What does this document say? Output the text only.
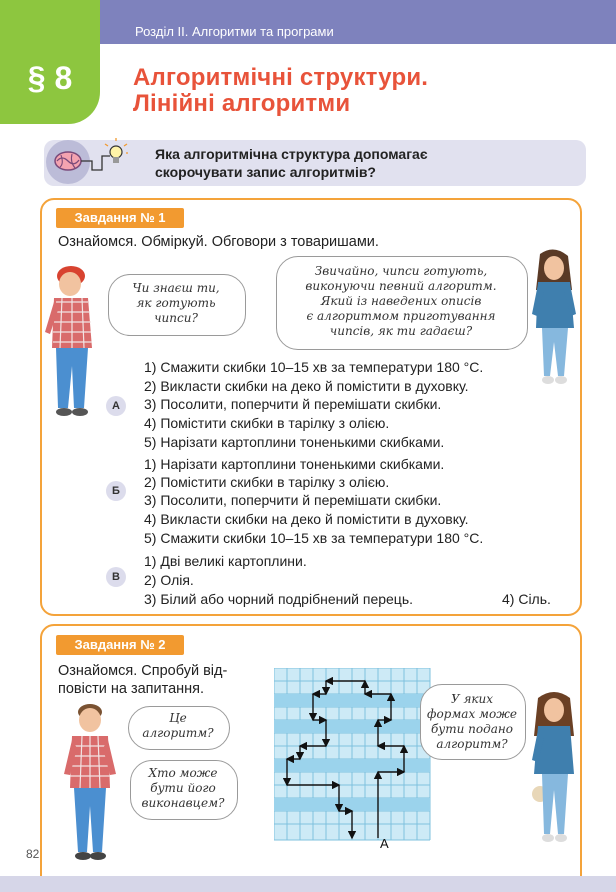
Розділ ІІ. Алгоритми та програми
§ 8	Алгоритмічні структури.
Лінійні алгоритми
Яка алгоритмічна структура допомагає
скорочувати запис алгоритмів?
Завдання № 1
Ознайомся. Обміркуй. Обговори з товаришами.
Чи знаєш ти,
як готують
чипси?
Звичайно, чипси готують,
виконуючи певний алгоритм.
Який із наведених описів
є алгоритмом приготування
чипсів, як ти гадаєш?
А
1) Смажити скибки 10–15 хв за температури 180 °С.
2) Викласти скибки на деко й помістити в духовку.
3) Посолити, поперчити й перемішати скибки.
4) Помістити скибки в тарілку з олією.
5) Нарізати картоплини тоненькими скибками.
Б
1) Нарізати картоплини тоненькими скибками.
2) Помістити скибки в тарілку з олією.
3) Посолити, поперчити й перемішати скибки.
4) Викласти скибки на деко й помістити в духовку.
5) Смажити скибки 10–15 хв за температури 180 °С.
В
1) Дві великі картоплини.
2) Олія.
3) Білий або чорний подрібнений перець.	4) Сіль.
Завдання № 2
Ознайомся. Спробуй від-
повісти на запитання.
Це
алгоритм?
Хто може
бути його
виконавцем?
А
У яких
формах може
бути подано
алгоритм?
82
